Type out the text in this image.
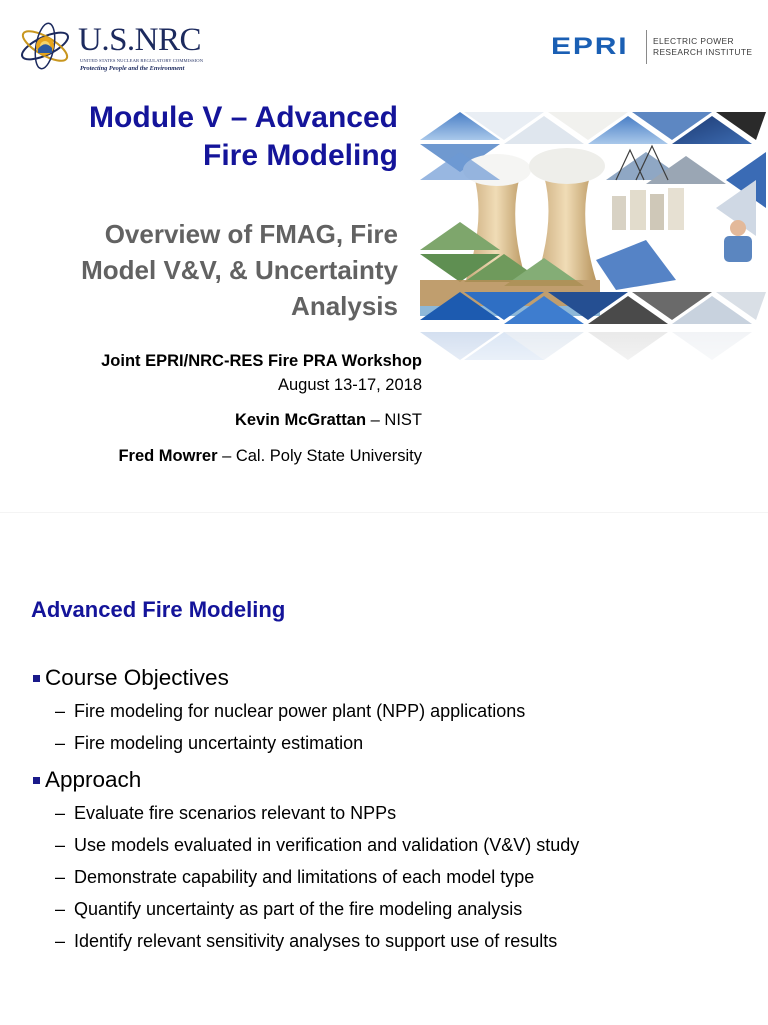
U.S.NRC
UNITED STATES NUCLEAR REGULATORY COMMISSION
Protecting People and the Environment
EPRI	ELECTRIC POWER
RESEARCH INSTITUTE
Module V – Advanced
Fire Modeling
Overview of FMAG, Fire
Model V&V, & Uncertainty
Analysis
Joint EPRI/NRC-RES Fire PRA Workshop
August 13-17, 2018
Kevin McGrattan – NIST
Fred Mowrer – Cal. Poly State University
Advanced Fire Modeling
Course Objectives
– Fire modeling for nuclear power plant (NPP) applications
– Fire modeling uncertainty estimation
Approach
– Evaluate fire scenarios relevant to NPPs
– Use models evaluated in verification and validation (V&V) study
– Demonstrate capability and limitations of each model type
– Quantify uncertainty as part of the fire modeling analysis
– Identify relevant sensitivity analyses to support use of results
